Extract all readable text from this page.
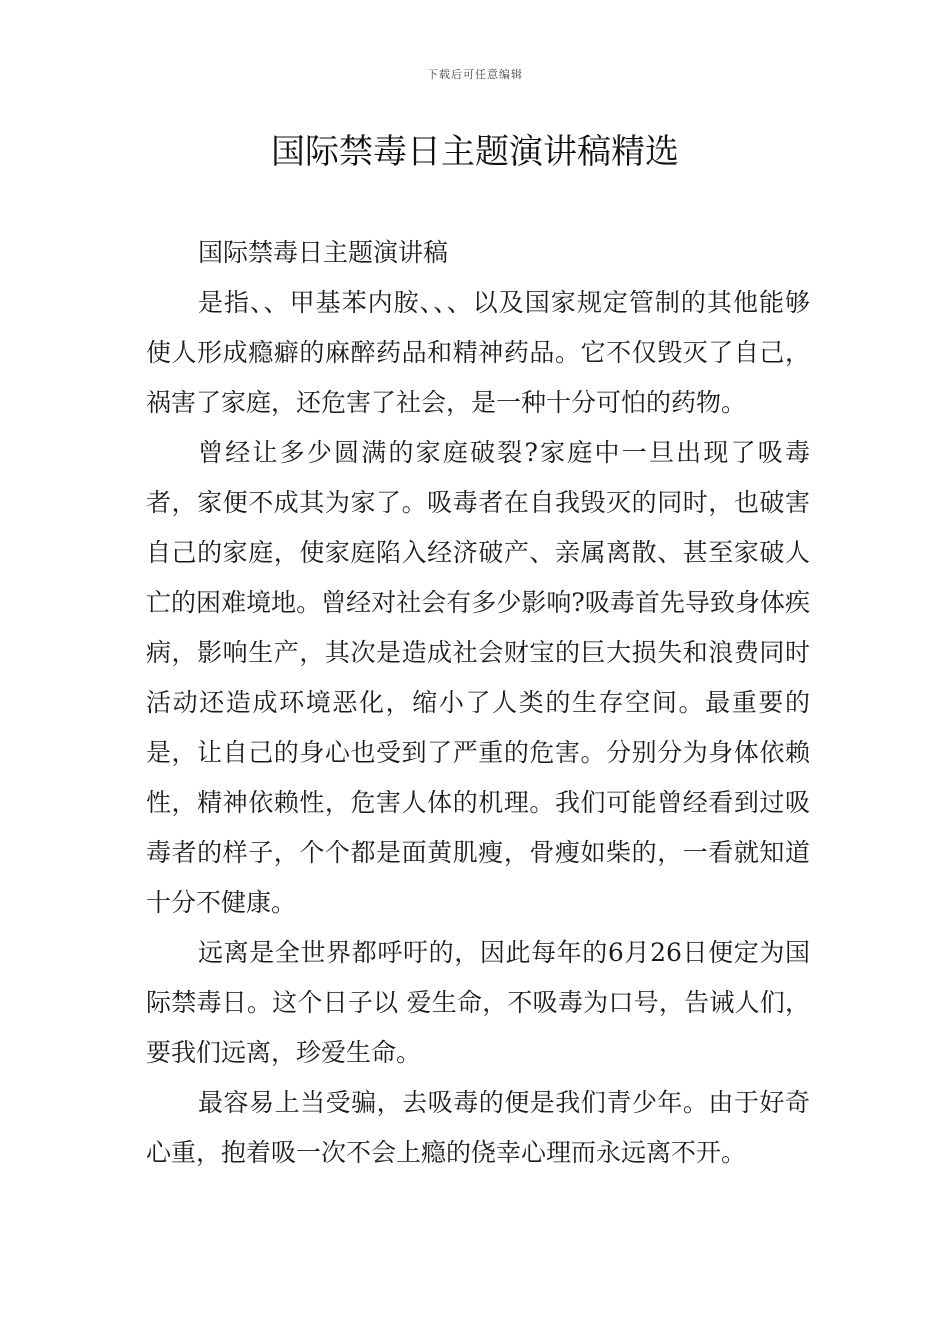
下载后可任意编辑
国际禁毒日主题演讲稿精选

国际禁毒日主题演讲稿

是指、、甲基苯内胺、、、以及国家规定管制的其他能够使人形成瘾癖的麻醉药品和精神药品。它不仅毁灭了自己，祸害了家庭，还危害了社会，是一种十分可怕的药物。

曾经让多少圆满的家庭破裂?家庭中一旦出现了吸毒者，家便不成其为家了。吸毒者在自我毁灭的同时，也破害自己的家庭，使家庭陷入经济破产、亲属离散、甚至家破人亡的困难境地。曾经对社会有多少影响?吸毒首先导致身体疾病，影响生产，其次是造成社会财宝的巨大损失和浪费同时活动还造成环境恶化，缩小了人类的生存空间。最重要的是，让自己的身心也受到了严重的危害。分别分为身体依赖性，精神依赖性，危害人体的机理。我们可能曾经看到过吸毒者的样子，个个都是面黄肌瘦，骨瘦如柴的，一看就知道十分不健康。

远离是全世界都呼吁的，因此每年的6月26日便定为国际禁毒日。这个日子以 爱生命，不吸毒为口号，告诫人们，要我们远离，珍爱生命。

最容易上当受骗，去吸毒的便是我们青少年。由于好奇心重，抱着吸一次不会上瘾的侥幸心理而永远离不开。
